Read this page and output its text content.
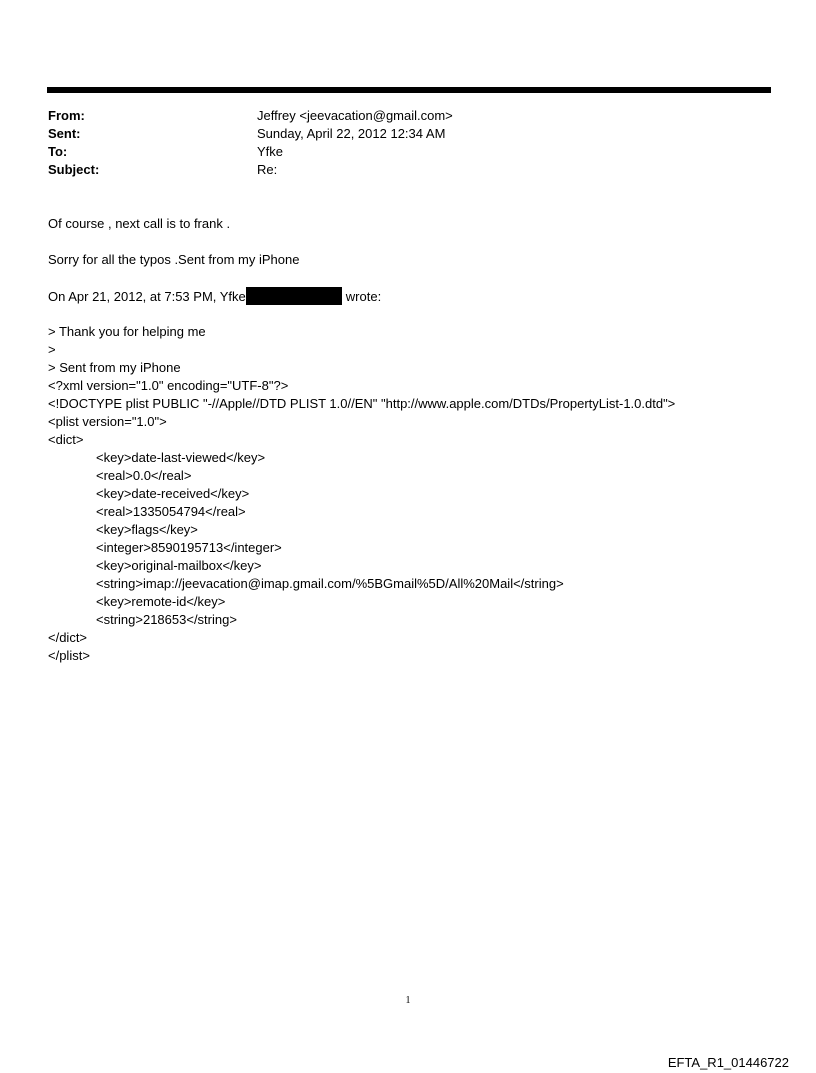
From:	Jeffrey <jeevacation@gmail.com>
Sent:	Sunday, April 22, 2012 12:34 AM
To:	Yfke
Subject:	Re:
Of course , next call is to frank .
Sorry for all the typos .Sent from my iPhone
On Apr 21, 2012, at 7:53 PM, Yfke	wrote:
> Thank you for helping me
>
> Sent from my iPhone
<?xml version="1.0" encoding="UTF-8"?>
<!DOCTYPE plist PUBLIC "-//Apple//DTD PLIST 1.0//EN" "http://www.apple.com/DTDs/PropertyList-1.0.dtd">
<plist version="1.0">
<dict>
<key>date-last-viewed</key>
<real>0.0</real>
<key>date-received</key>
<real>1335054794</real>
<key>flags</key>
<integer>8590195713</integer>
<key>original-mailbox</key>
<string>imap://jeevacation@imap.gmail.com/%5BGmail%5D/All%20Mail</string>
<key>remote-id</key>
<string>218653</string>
</dict>
</plist>
1
EFTA_R1_01446722
